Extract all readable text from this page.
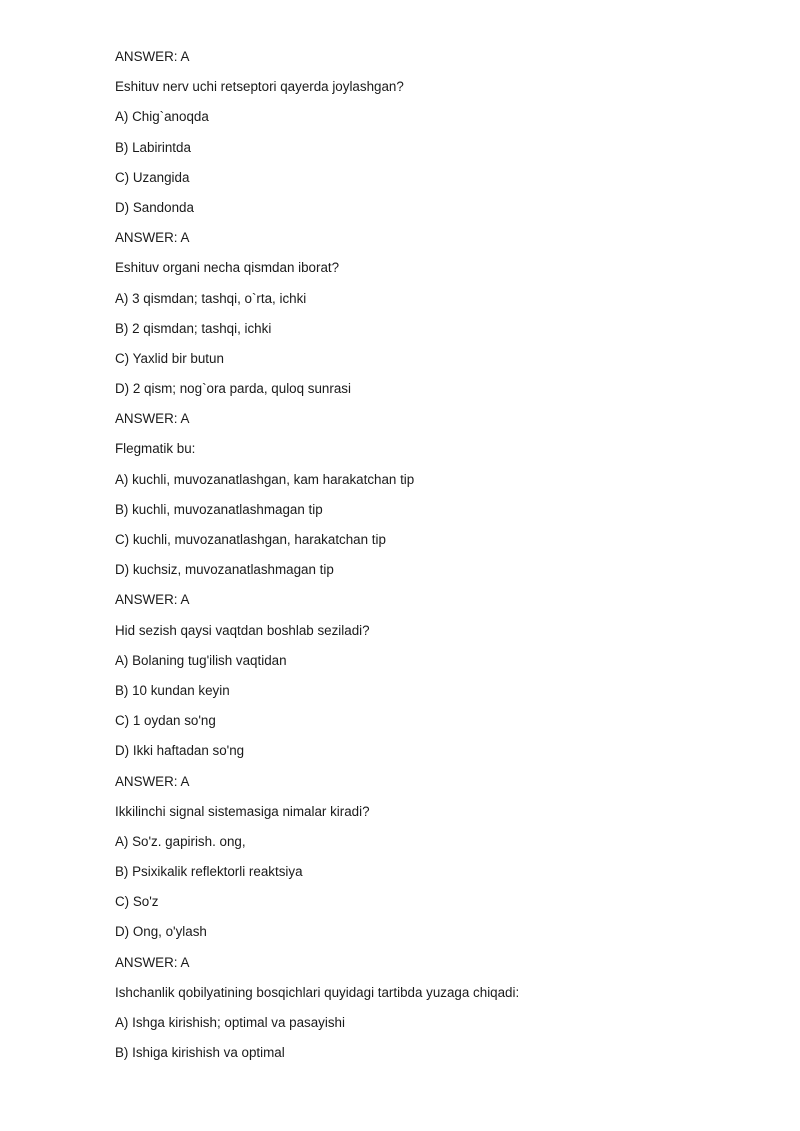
ANSWER: A
Eshituv nerv uchi retseptori qayerda joylashgan?
A) Chig`anoqda
B) Labirintda
C) Uzangida
D) Sandonda
ANSWER: A
Eshituv organi necha qismdan iborat?
A) 3 qismdan; tashqi, o`rta, ichki
B) 2 qismdan; tashqi, ichki
C) Yaxlid bir butun
D) 2 qism; nog`ora parda, quloq sunrasi
ANSWER: A
Flegmatik bu:
A) kuchli, muvozanatlashgan, kam harakatchan tip
B) kuchli, muvozanatlashmagan tip
C) kuchli, muvozanatlashgan, harakatchan tip
D) kuchsiz, muvozanatlashmagan tip
ANSWER: A
Hid sezish qaysi vaqtdan boshlab seziladi?
A) Bolaning tug'ilish vaqtidan
B) 10 kundan keyin
C) 1 oydan so'ng
D) Ikki haftadan so'ng
ANSWER: A
Ikkilinchi signal sistemasiga nimalar kiradi?
A) So'z. gapirish. ong,
B) Psixikalik reflektorli reaktsiya
C) So'z
D) Ong, o'ylash
ANSWER: A
Ishchanlik qobilyatining bosqichlari quyidagi tartibda yuzaga chiqadi:
A) Ishga kirishish; optimal va pasayishi
B) Ishiga kirishish va optimal
